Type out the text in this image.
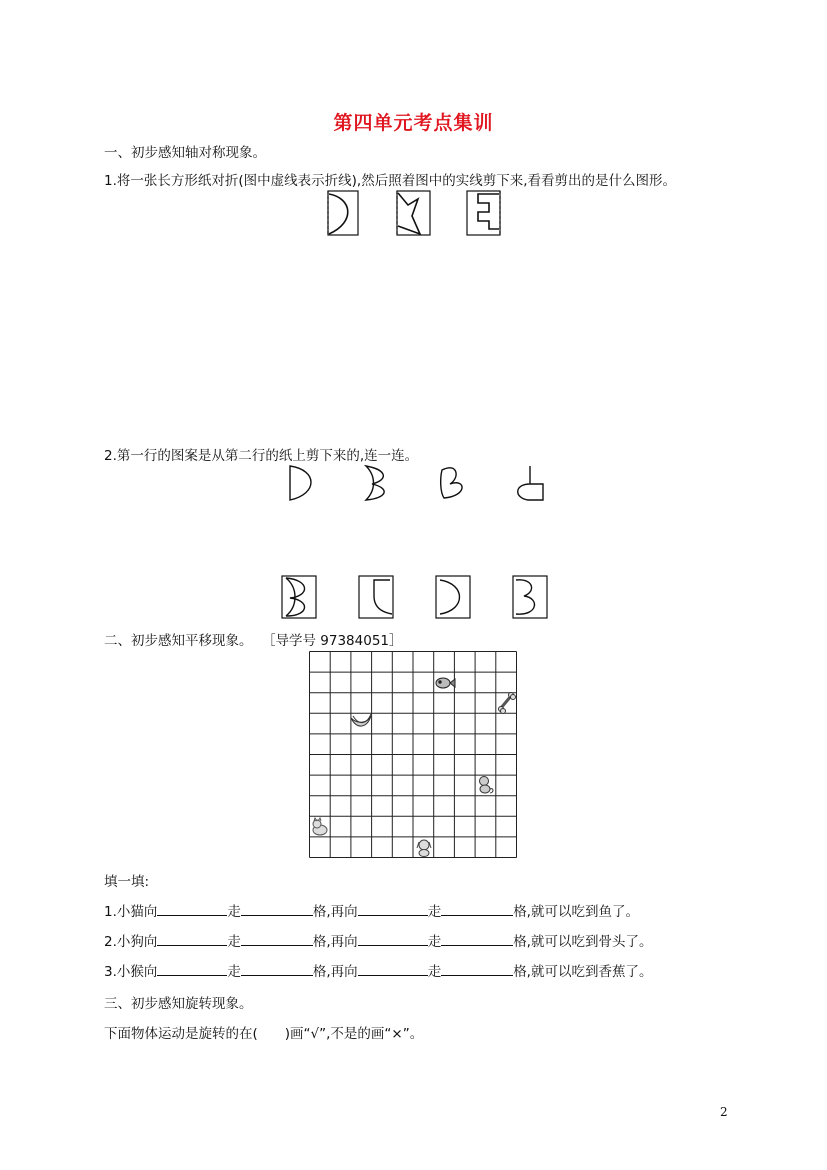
第四单元考点集训
一、初步感知轴对称现象。
1.将一张长方形纸对折(图中虚线表示折线),然后照着图中的实线剪下来,看看剪出的是什么图形。
2.第一行的图案是从第二行的纸上剪下来的,连一连。
二、初步感知平移现象。 ［导学号 97384051］
填一填:
1.小猫向	走	格,再向	走	格,就可以吃到鱼了。
2.小狗向	走	格,再向	走	格,就可以吃到骨头了。
3.小猴向	走	格,再向	走	格,就可以吃到香蕉了。
三、初步感知旋转现象。
下面物体运动是旋转的在(　　)画“√”,不是的画“×”。
2
